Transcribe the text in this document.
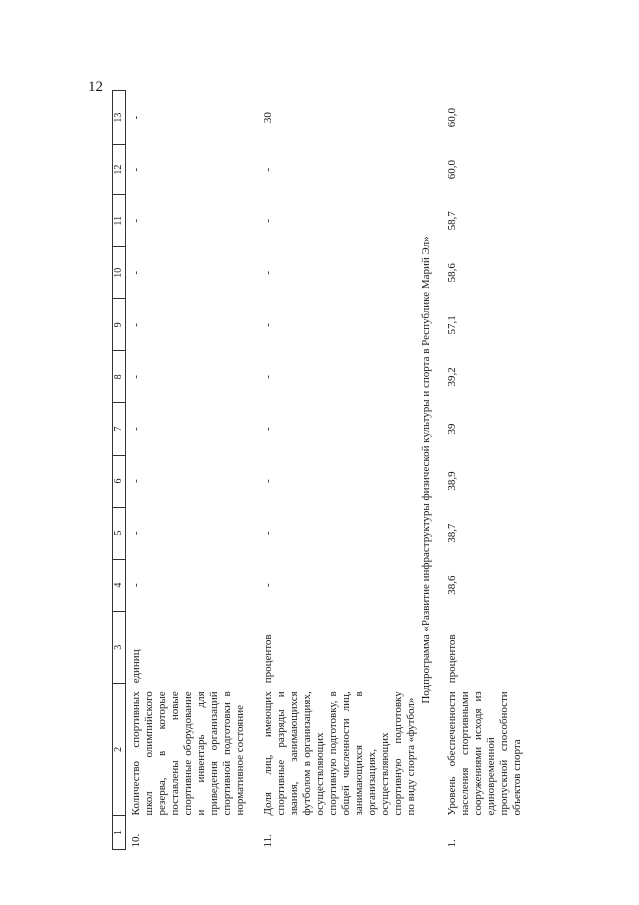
12
1	2	3	4	5	6	7	8	9	10	11	12	13
10.	Количество спортивных школ олимпийского резерва, в которые поставлены новые спортивные оборудование и инвентарь для приведения организаций спортивной подготовки в нормативное состояние	единиц	-	-	-	-	-	-	-	-	-	-
11.	Доля лиц, имеющих спортивные разряды и звания, занимающихся футболом в организациях, осуществляющих спортивную подготовку, в общей численности лиц, занимающихся в организациях, осуществляющих спортивную подготовку по виду спорта «футбол»	процентов	-	-	-	-	-	-	-	-	-	30
Подпрограмма «Развитие инфраструктуры физической культуры и спорта в Республике Марий Эл»												
1.	Уровень обеспеченности населения спортивными сооружениями исходя из единовременной пропускной способности объектов спорта	процентов	38,6	38,7	38,9	39	39,2	57,1	58,6	58,7	60,0	60,0
